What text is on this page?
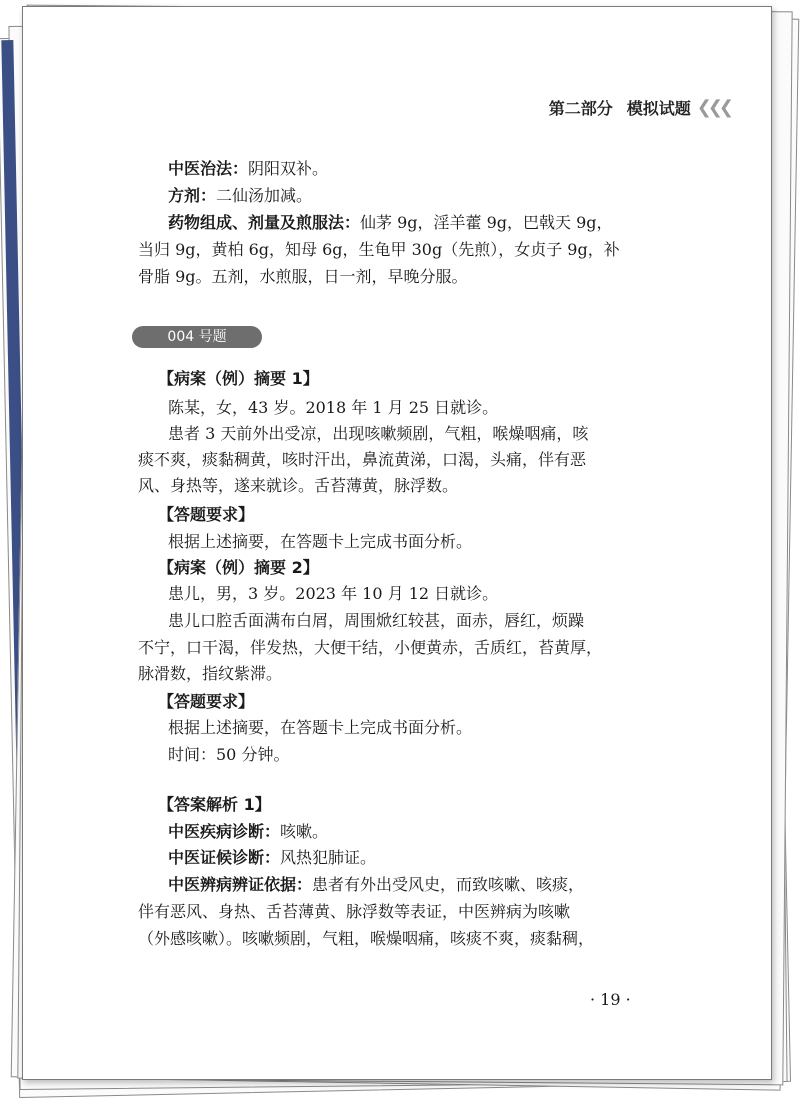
第二部分 模拟试题 ❮❮❮
中医治法：阴阳双补。
方剂：二仙汤加减。
药物组成、剂量及煎服法：仙茅 9g，淫羊藿 9g，巴戟天 9g，
当归 9g，黄柏 6g，知母 6g，生龟甲 30g（先煎），女贞子 9g，补
骨脂 9g。五剂，水煎服，日一剂，早晚分服。
004 号题
【病案（例）摘要 1】
陈某，女，43 岁。2018 年 1 月 25 日就诊。
患者 3 天前外出受凉，出现咳嗽频剧，气粗，喉燥咽痛，咳
痰不爽，痰黏稠黄，咳时汗出，鼻流黄涕，口渴，头痛，伴有恶
风、身热等，遂来就诊。舌苔薄黄，脉浮数。
【答题要求】
根据上述摘要，在答题卡上完成书面分析。
【病案（例）摘要 2】
患儿，男，3 岁。2023 年 10 月 12 日就诊。
患儿口腔舌面满布白屑，周围焮红较甚，面赤，唇红，烦躁
不宁，口干渴，伴发热，大便干结，小便黄赤，舌质红，苔黄厚，
脉滑数，指纹紫滞。
【答题要求】
根据上述摘要，在答题卡上完成书面分析。
时间：50 分钟。
【答案解析 1】
中医疾病诊断：咳嗽。
中医证候诊断：风热犯肺证。
中医辨病辨证依据：患者有外出受风史，而致咳嗽、咳痰，
伴有恶风、身热、舌苔薄黄、脉浮数等表证，中医辨病为咳嗽
（外感咳嗽）。咳嗽频剧，气粗，喉燥咽痛，咳痰不爽，痰黏稠，
· 19 ·
